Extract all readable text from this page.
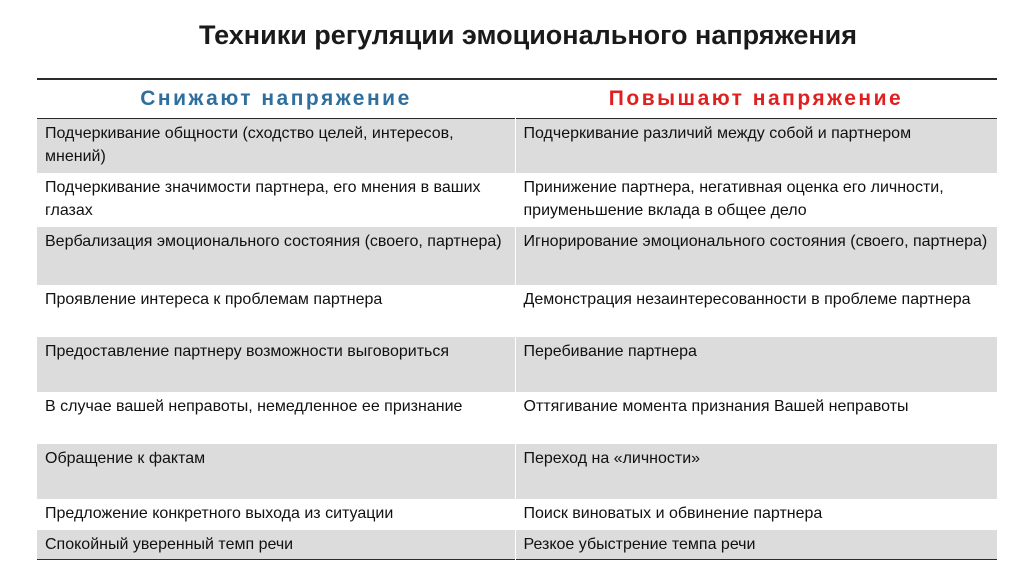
Техники регуляции эмоционального напряжения
Снижают напряжение	Повышают напряжение
Подчеркивание общности (сходство целей, интересов, мнений)	Подчеркивание различий между собой и партнером
Подчеркивание значимости партнера, его мнения в ваших глазах	Принижение партнера, негативная оценка его личности, приуменьшение вклада в общее дело
Вербализация эмоционального состояния (своего, партнера)	Игнорирование эмоционального состояния (своего, партнера)
Проявление интереса к проблемам партнера	Демонстрация незаинтересованности в проблеме партнера
Предоставление партнеру возможности выговориться	Перебивание партнера
В случае вашей неправоты, немедленное ее признание	Оттягивание момента признания Вашей неправоты
Обращение к фактам	Переход на «личности»
Предложение конкретного выхода из ситуации	Поиск виноватых и обвинение партнера
Спокойный уверенный темп речи	Резкое убыстрение темпа речи
